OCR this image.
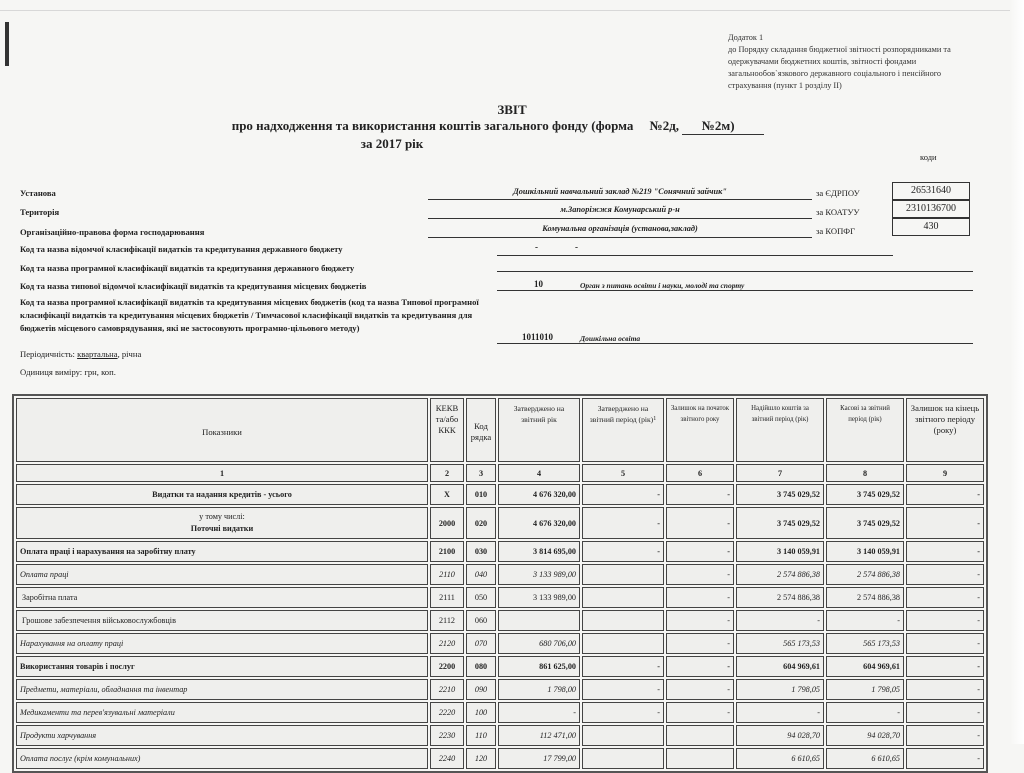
Додаток 1
до Порядку складання бюджетної звітності розпорядниками та одержувачами бюджетних коштів, звітності фондами загальнообов`язкового державного соціального і пенсійного страхування (пункт 1 розділу II)
ЗВІТ
про надходження та використання коштів загального фонду (форма №2д, №2м)
за 2017 рік
коди
Установа	Дошкільний навчальний заклад №219 "Сонячний зайчик"	за ЄДРПОУ	26531640
Територія	м.Запоріжжя Комунарський р-н	за КОАТУУ	2310136700
Організаційно-правова форма господарювання	Комунальна організація (установа,заклад)	за КОПФГ	430
Код та назва відомчої класифікації видатків та кредитування державного бюджету	-	-
Код та назва програмної класифікації видатків та кредитування державного бюджету
Код та назва типової відомчої класифікації видатків та кредитування місцевих бюджетів	10	Орган з питань освіти і науки, молоді та спорту
Код та назва програмної класифікації видатків та кредитування місцевих бюджетів (код та назва Типової програмної класифікації видатків та кредитування місцевих бюджетів / Тимчасової класифікації видатків та кредитування для бюджетів місцевого самоврядування, які не застосовують програмно-цільового методу)
1011010	Дошкільна освіта
Періодичність: квартальна, річна
Одиниця виміру: грн, коп.
Показники	КЕКВ та/або ККК	Код рядка	Затверджено на звітний рік	Затверджено на звітний період (рік)$^1$	Залишок на початок звітного року	Надійшло коштів за звітний період (рік)	Касові за звітний період (рік)	Залишок на кінець звітного періоду (року)
1	2	3	4	5	6	7	8	9
Видатки та надання кредитів - усього	X	010	4 676 320,00	-	-	3 745 029,52	3 745 029,52	-

у тому числі:
Поточні видатки	2000	020	4 676 320,00	-	-	3 745 029,52	3 745 029,52	-
Оплата праці і нарахування на заробітну плату	2100	030	3 814 695,00	-	-	3 140 059,91	3 140 059,91	-
Оплата праці	2110	040	3 133 989,00		-	2 574 886,38	2 574 886,38	-
Заробітна плата	2111	050	3 133 989,00		-	2 574 886,38	2 574 886,38	-
Грошове забезпечення військовослужбовців	2112	060			-	-	-	-
Нарахування на оплату праці	2120	070	680 706,00		-	565 173,53	565 173,53	-
Використання товарів і послуг	2200	080	861 625,00	-	-	604 969,61	604 969,61	-
Предмети, матеріали, обладнання та інвентар	2210	090	1 798,00	-	-	1 798,05	1 798,05	-
Медикаменти та перев'язувальні матеріали	2220	100	-	-	-	-	-	-
Продукти харчування	2230	110	112 471,00			94 028,70	94 028,70	-
Оплата послуг (крім комунальних)	2240	120	17 799,00			6 610,65	6 610,65	-
